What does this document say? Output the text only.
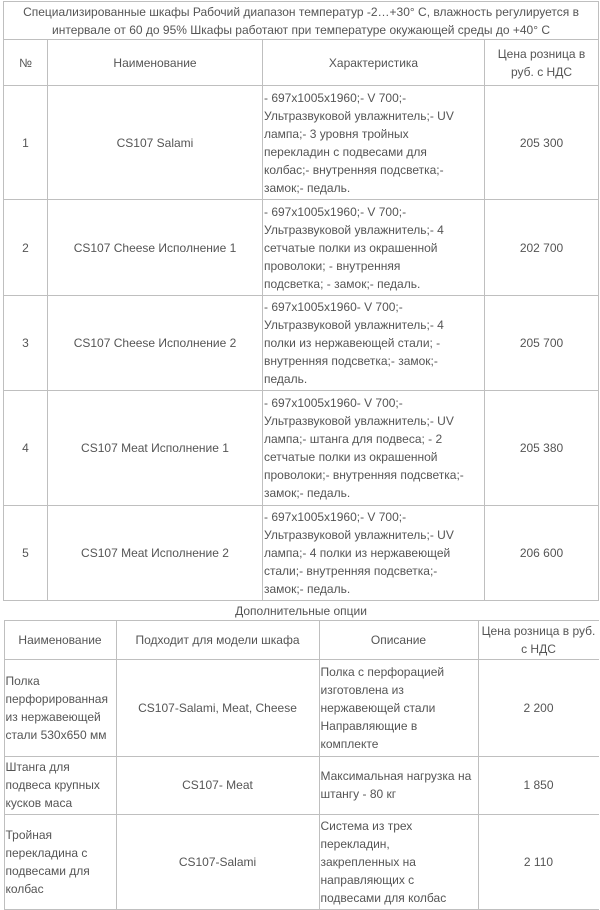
Специализированные шкафы Рабочий диапазон температур -2…+30° С, влажность регулируется в интервале от 60 до 95% Шкафы работают при температуре окужающей среды до +40° С
№	Наименование	Характеристика	Цена розница в руб. с НДС
1	CS107 Salami	- 697х1005х1960;- V 700;-
Ультразвуковой увлажнитель;- UV
лампа;- 3 уровня тройных
перекладин с подвесами для
колбас;- внутренняя подсветка;-
замок;- педаль.	205 300
2	CS107 Cheese Исполнение 1	- 697х1005х1960;- V 700;-
Ультразвуковой увлажнитель;- 4
сетчатые полки из окрашенной
проволоки; - внутренняя
подсветка; - замок;- педаль.	202 700
3	CS107 Cheese Исполнение 2	- 697х1005х1960- V 700;-
Ультразвуковой увлажнитель;- 4
полки из нержавеющей стали; -
внутренняя подсветка;- замок;-
педаль.	205 700
4	CS107 Meat Исполнение 1	- 697х1005х1960- V 700;-
Ультразвуковой увлажнитель;- UV
лампа;- штанга для подвеса; - 2
сетчатые полки из окрашенной
проволоки;- внутренняя подсветка;-
замок;- педаль.	205 380
5	CS107 Meat Исполнение 2	- 697х1005х1960;- V 700;-
Ультразвуковой увлажнитель;- UV
лампа;- 4 полки из нержавеющей
стали;- внутренняя подсветка;-
замок;- педаль.	206 600
Дополнительные опции

Наименование	Подходит для модели шкафа	Описание	Цена розница в руб. с НДС
Полка
перфорированная
из нержавеющей
стали 530х650 мм	CS107-Salami, Meat, Cheese	Полка с перфорацией
изготовлена из
нержавеющей стали
Направляющие в
комплекте	2 200
Штанга для
подвеса крупных
кусков маса	CS107- Meat	Максимальная нагрузка на
штангу - 80 кг	1 850
Тройная
перекладина с
подвесами для
колбас	CS107-Salami	Система из трех
перекладин,
закрепленных на
направляющих с
подвесами для колбас	2 110
